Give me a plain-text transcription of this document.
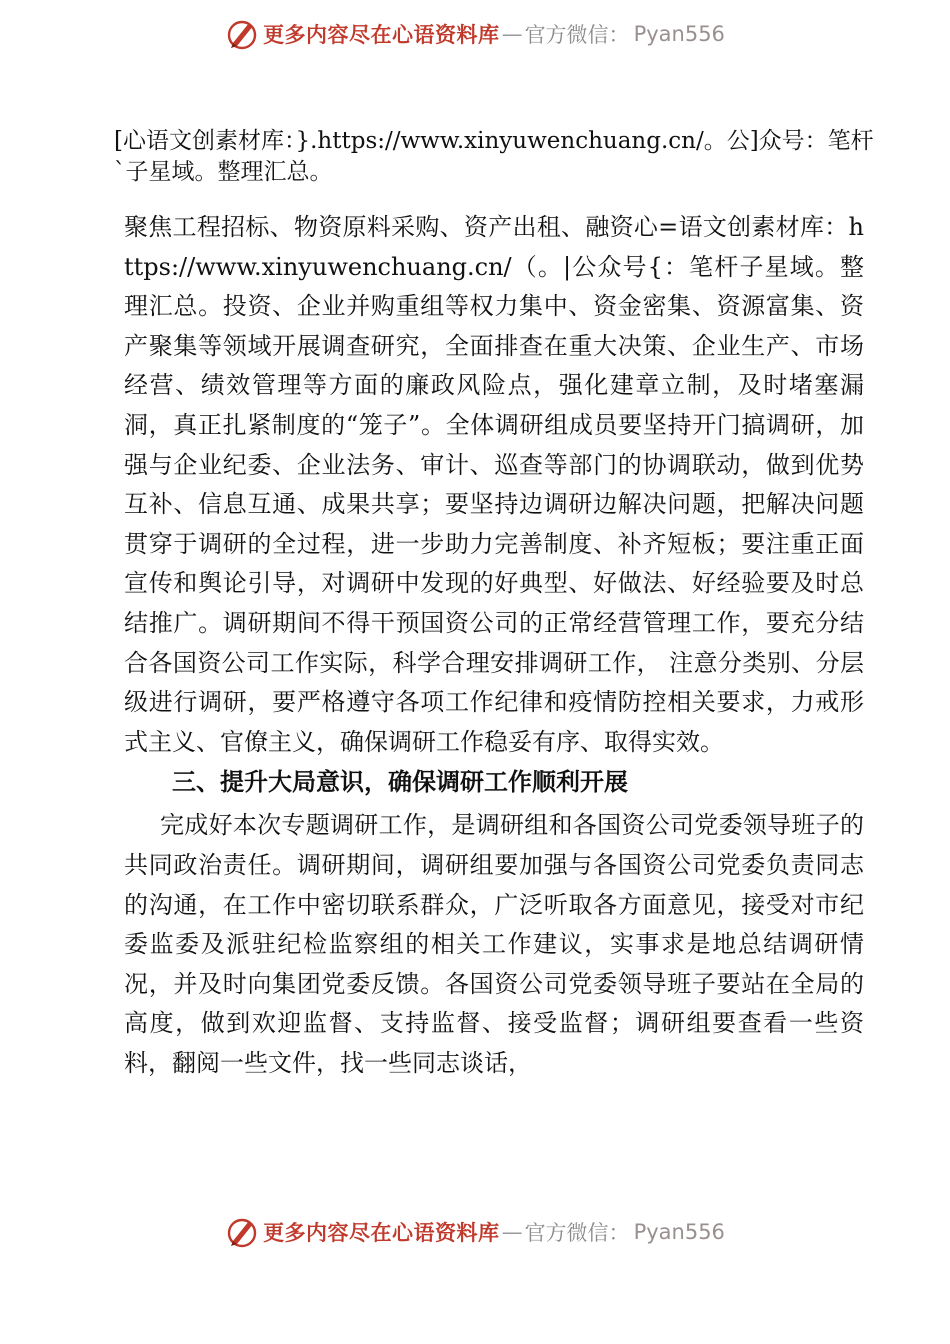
更多内容尽在心语资料库 — 官方微信： Pyan556

[心语文创素材库：}.https://www.xinyuwenchuang.cn/。公]众号：笔杆`子星域。整理汇总。

聚焦工程招标、物资原料采购、资产出租、融资心=语文创素材库：https://www.xinyuwenchuang.cn/（。|公众号{：笔杆子星域。整理汇总。投资、企业并购重组等权力集中、资金密集、资源富集、资产聚集等领域开展调查研究，全面排查在重大决策、企业生产、市场经营、绩效管理等方面的廉政风险点，强化建章立制，及时堵塞漏洞，真正扎紧制度的“笼子”。全体调研组成员要坚持开门搞调研，加强与企业纪委、企业法务、审计、巡查等部门的协调联动，做到优势互补、信息互通、成果共享；要坚持边调研边解决问题，把解决问题贯穿于调研的全过程，进一步助力完善制度、补齐短板；要注重正面宣传和舆论引导，对调研中发现的好典型、好做法、好经验要及时总结推广。调研期间不得干预国资公司的正常经营管理工作，要充分结合各国资公司工作实际，科学合理安排调研工作， 注意分类别、分层级进行调研，要严格遵守各项工作纪律和疫情防控相关要求，力戒形式主义、官僚主义，确保调研工作稳妥有序、取得实效。

三、提升大局意识，确保调研工作顺利开展

完成好本次专题调研工作，是调研组和各国资公司党委领导班子的共同政治责任。调研期间，调研组要加强与各国资公司党委负责同志的沟通，在工作中密切联系群众，广泛听取各方面意见，接受对市纪委监委及派驻纪检监察组的相关工作建议，实事求是地总结调研情况，并及时向集团党委反馈。各国资公司党委领导班子要站在全局的高度，做到欢迎监督、支持监督、接受监督；调研组要查看一些资料，翻阅一些文件，找一些同志谈话，

更多内容尽在心语资料库 — 官方微信： Pyan556
